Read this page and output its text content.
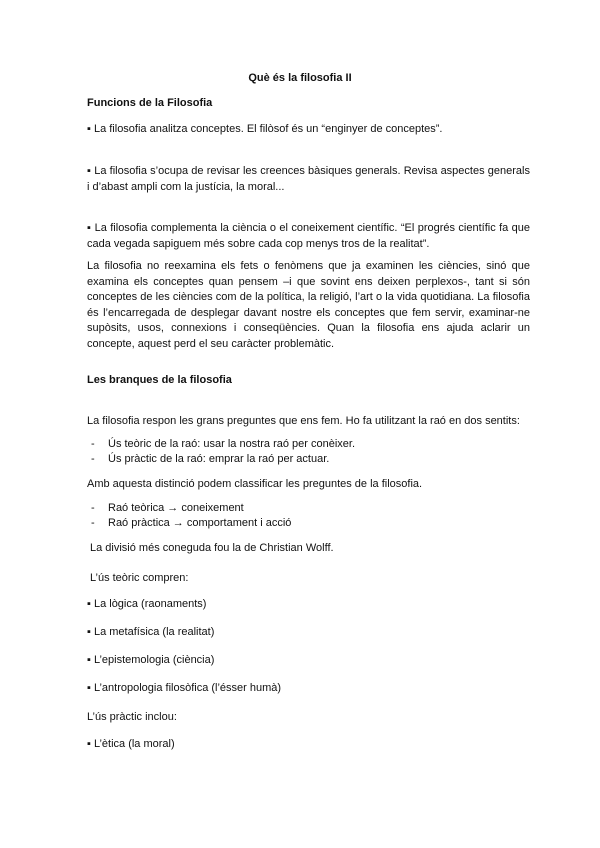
Què és la filosofia II
Funcions de la Filosofia
▪ La filosofia analitza conceptes. El filòsof és un “enginyer de conceptes”.
▪ La filosofia s’ocupa de revisar les creences bàsiques generals. Revisa aspectes generals i d’abast ampli com la justícia, la moral...
▪ La filosofia complementa la ciència o el coneixement científic. “El progrés científic fa que cada vegada sapiguem més sobre cada cop menys tros de la realitat”.
La filosofia no reexamina els fets o fenòmens que ja examinen les ciències, sinó que examina els conceptes quan pensem –i que sovint ens deixen perplexos-, tant si són conceptes de les ciències com de la política, la religió, l’art o la vida quotidiana. La filosofia és l’encarregada de desplegar davant nostre els conceptes que fem servir, examinar-ne supòsits, usos, connexions i conseqüències. Quan la filosofia ens ajuda aclarir un concepte, aquest perd el seu caràcter problemàtic.
Les branques de la filosofia
La filosofia respon les grans preguntes que ens fem. Ho fa utilitzant la raó en dos sentits:
- Ús teòric de la raó: usar la nostra raó per conèixer.
- Ús pràctic de la raó: emprar la raó per actuar.
Amb aquesta distinció podem classificar les preguntes de la filosofia.
- Raó teòrica → coneixement
- Raó pràctica → comportament i acció
La divisió més coneguda fou la de Christian Wolff.
L’ús teòric compren:
▪ La lògica (raonaments)
▪ La metafísica (la realitat)
▪ L’epistemologia (ciència)
▪ L’antropologia filosòfica (l’ésser humà)
L’ús pràctic inclou:
▪ L’ètica (la moral)
